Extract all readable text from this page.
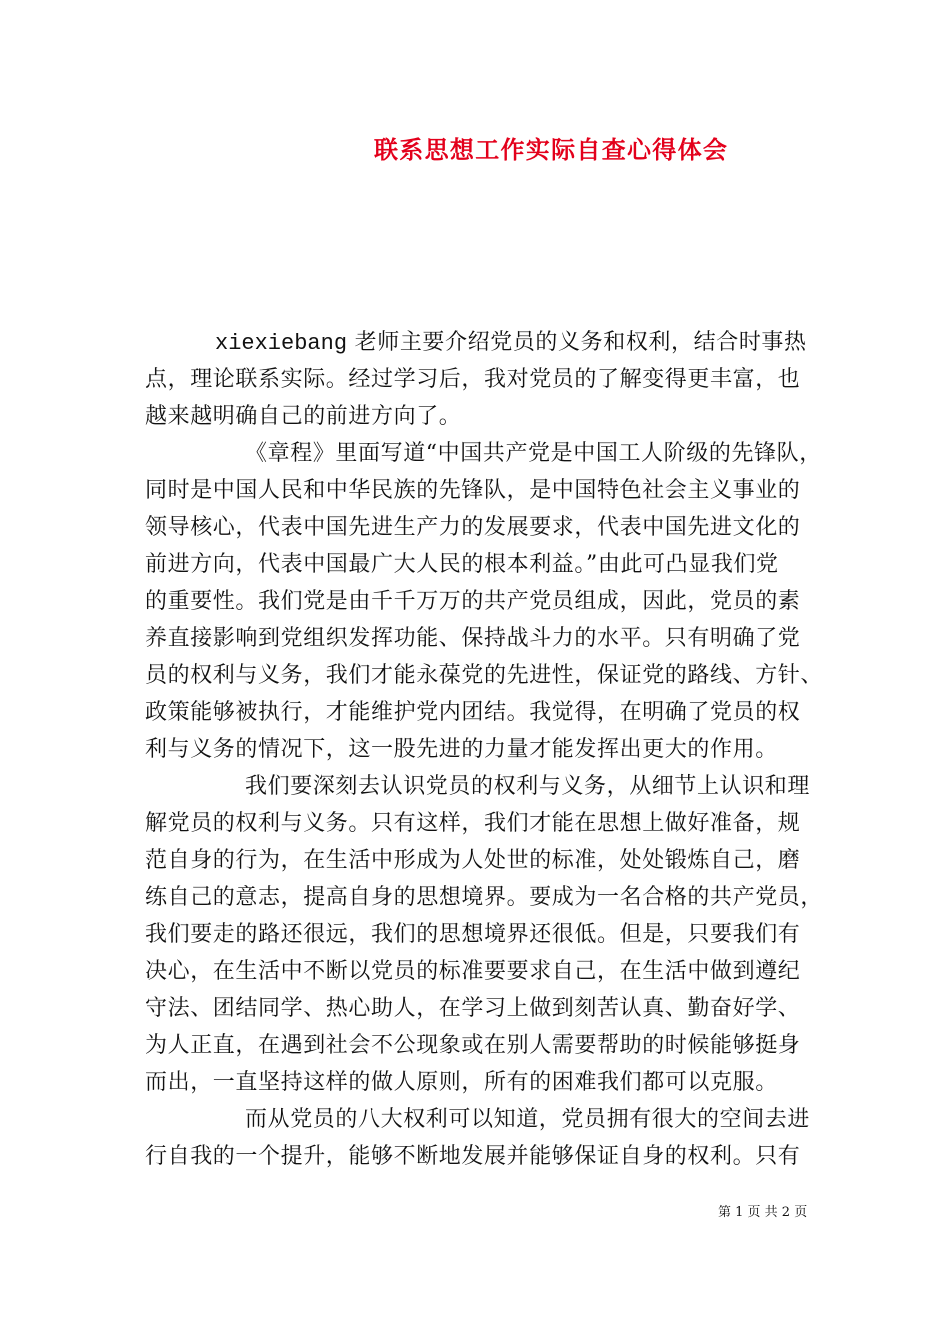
联系思想工作实际自查心得体会
xiexiebang 老师主要介绍党员的义务和权利，结合时事热
点，理论联系实际。经过学习后，我对党员的了解变得更丰富，也
越来越明确自己的前进方向了。
《章程》里面写道“中国共产党是中国工人阶级的先锋队，
同时是中国人民和中华民族的先锋队，是中国特色社会主义事业的
领导核心，代表中国先进生产力的发展要求，代表中国先进文化的
前进方向，代表中国最广大人民的根本利益。”由此可凸显我们党
的重要性。我们党是由千千万万的共产党员组成，因此，党员的素
养直接影响到党组织发挥功能、保持战斗力的水平。只有明确了党
员的权利与义务，我们才能永葆党的先进性，保证党的路线、方针、
政策能够被执行，才能维护党内团结。我觉得，在明确了党员的权
利与义务的情况下，这一股先进的力量才能发挥出更大的作用。
我们要深刻去认识党员的权利与义务，从细节上认识和理
解党员的权利与义务。只有这样，我们才能在思想上做好准备，规
范自身的行为，在生活中形成为人处世的标准，处处锻炼自己，磨
练自己的意志，提高自身的思想境界。要成为一名合格的共产党员，
我们要走的路还很远，我们的思想境界还很低。但是，只要我们有
决心，在生活中不断以党员的标准要要求自己，在生活中做到遵纪
守法、团结同学、热心助人，在学习上做到刻苦认真、勤奋好学、
为人正直，在遇到社会不公现象或在别人需要帮助的时候能够挺身
而出，一直坚持这样的做人原则，所有的困难我们都可以克服。
而从党员的八大权利可以知道，党员拥有很大的空间去进
行自我的一个提升，能够不断地发展并能够保证自身的权利。只有
第 1 页 共 2 页
